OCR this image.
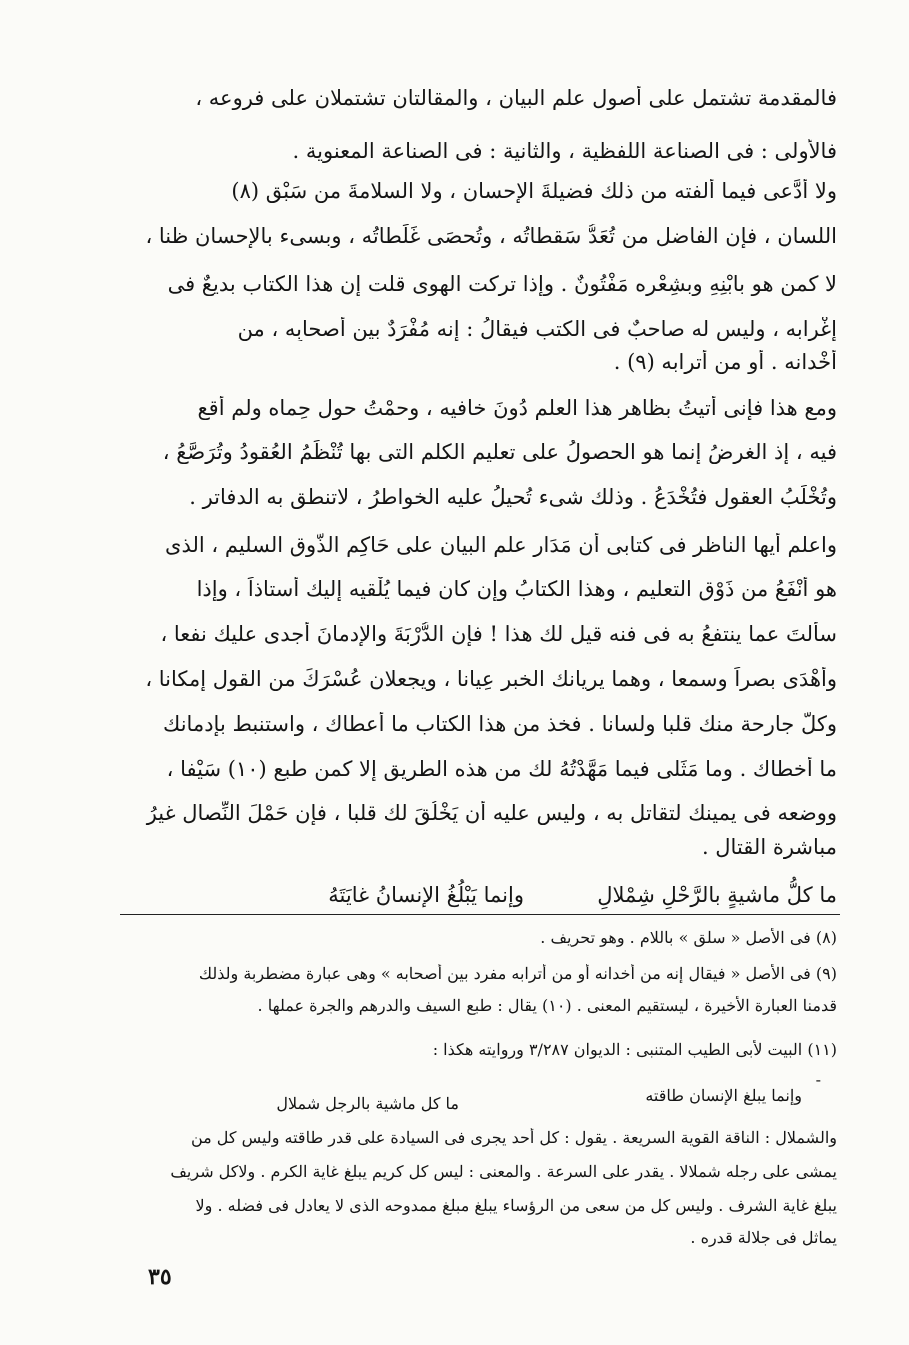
فالمقدمة تشتمل على أصول علم البيان ، والمقالتان تشتملان على فروعه ،

فالأولى : فى الصناعة اللفظية ، والثانية : فى الصناعة المعنوية .

ولا أدَّعى فيما ألفته من ذلك فضيلةَ الإحسانِ ، ولا السلامةَ من سَبْق (٨)

اللسان ، فإن الفاضل من تُعَدُّ سَقطاتُه ، وتُحصَى غَلَطاتُه ، وبسىء بالإحسان ظنا ،

لا كمن هو بابْنِهِ وبشِعْرِه مَفْتُونٌ . وإذا تركت الهوى قلت إن هذا الكتاب بديعٌ فى

إغْرابه ، وليس له صاحبٌ فى الكتب فيقالُ : إنه مُفْرَدٌ بين أصحابِه ، من

أَخْدانه . أو من أترابه (٩) .

ومع هذا فإنى أتيتُ بظاهر هذا العلم دُونَ خافيه ، وحمْتُ حول حِماه ولم أقع

فيه ، إذ الغرضُ إنما هو الحصولُ على تعليم الكلم التى بها تُنْظَمُ العُقودُ وتُرَصَّعُ ،

وتُخْلَبُ العقول فتُخْدَعُ . وذلك شىء تُحيلُ عليه الخواطرُ ، لاتنطق به الدفاتر .

واعلم أيها الناظر فى كتابى أن مَدَار علم البيان على حَاكِمِ الذَّوق السليم ، الذى

هو أنْفَعُ من ذَوْق التعليم ، وهذا الكتابُ وإن كان فيما يُلْقيه إليك أستاذاً ، وإذا

سألتَ عما ينتفعُ به فى فنه قيل لك هذا ! فإن الدُّرْبَةَ والإدمانَ أجدى عليك نفعا ،

وأهْدَى بصراً وسمعا ، وهما يريانك الخبر عِيانا ، ويجعلان عُسْرَكَ من القول إمكانا ،

وكلَّ جارحة منك قلبا ولسانا . فخذ من هذا الكتاب ما أعطاك ، واستنبط بإدمانك

ما أخطاك . وما مَثَلى فيما مَهَّدْتُهُ لك من هذه الطريق إلا كمن طبع (١٠) سَيْفا ،

ووضعه فى يمينك لتقاتل به ، وليس عليه أن يَخْلُقَ لك قلبا ، فإن حَمْلَ النِّصال غيرُ

مباشرة القتال .

وإنما يَبْلُغُ الإنسانُ غايَتَهُ	ما كلُّ ماشيةٍ بالرَّحْلِ شِمْلالِ

(٨) فى الأصل « سلق » باللام . وهو تحريف .

(٩) فى الأصل « فيقال إنه من أخدانه أو من أترابه مفرد بين أصحابه » وهى عبارة مضطربة ولذلك

قدمنا العبارة الأخيرة ، ليستقيم المعنى . (١٠) يقال : طبع السيف والدرهم والجرة عملها .

(١١) البيت لأبى الطيب المتنبى : الديوان ٣/٢٨٧ وروايته هكذا :

-
وإنما يبلغ الإنسان طاقته
ما كل ماشية بالرجل شملال

والشملال : الناقة القوية السريعة . يقول : كل أحد يجرى فى السيادة على قدر طاقته وليس كل من

يمشى على رجله شملالا . يقدر على السرعة . والمعنى : ليس كل كريم يبلغ غاية الكرم . ولاكل شريف

يبلغ غاية الشرف . وليس كل من سعى من الرؤساء يبلغ مبلغ ممدوحه الذى لا يعادل فى فضله . ولا

يماثل فى جلالة قدره .

٣٥
